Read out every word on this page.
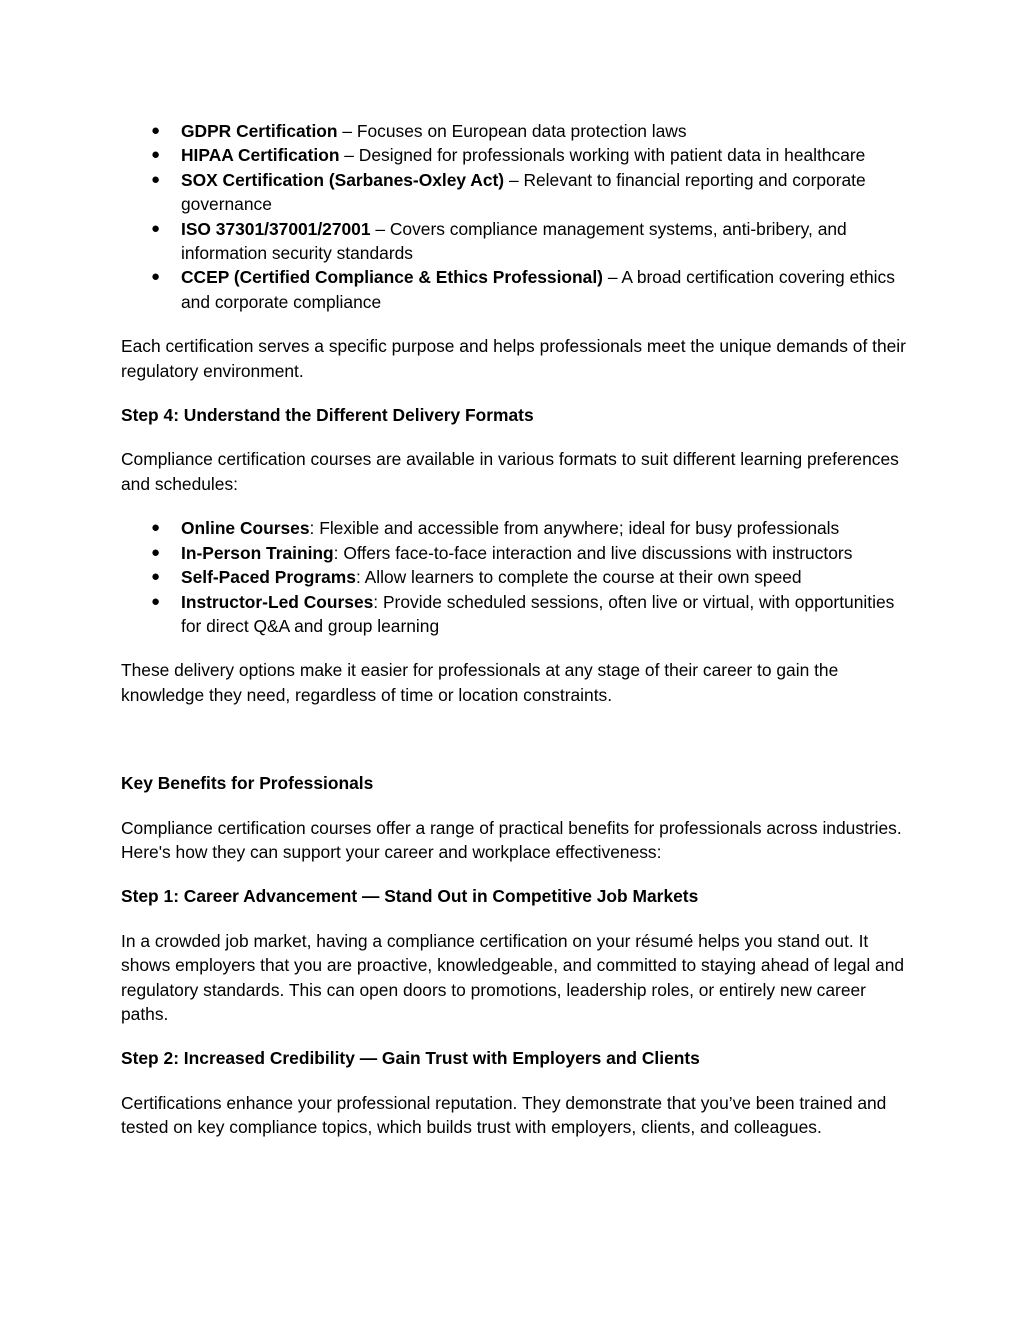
● GDPR Certification – Focuses on European data protection laws
● HIPAA Certification – Designed for professionals working with patient data in healthcare
● SOX Certification (Sarbanes-Oxley Act) – Relevant to financial reporting and corporate governance
● ISO 37301/37001/27001 – Covers compliance management systems, anti-bribery, and information security standards
● CCEP (Certified Compliance & Ethics Professional) – A broad certification covering ethics and corporate compliance

Each certification serves a specific purpose and helps professionals meet the unique demands of their regulatory environment.

Step 4: Understand the Different Delivery Formats

Compliance certification courses are available in various formats to suit different learning preferences and schedules:

● Online Courses: Flexible and accessible from anywhere; ideal for busy professionals
● In-Person Training: Offers face-to-face interaction and live discussions with instructors
● Self-Paced Programs: Allow learners to complete the course at their own speed
● Instructor-Led Courses: Provide scheduled sessions, often live or virtual, with opportunities for direct Q&A and group learning

These delivery options make it easier for professionals at any stage of their career to gain the knowledge they need, regardless of time or location constraints.

Key Benefits for Professionals

Compliance certification courses offer a range of practical benefits for professionals across industries. Here's how they can support your career and workplace effectiveness:

Step 1: Career Advancement — Stand Out in Competitive Job Markets

In a crowded job market, having a compliance certification on your résumé helps you stand out. It shows employers that you are proactive, knowledgeable, and committed to staying ahead of legal and regulatory standards. This can open doors to promotions, leadership roles, or entirely new career paths.

Step 2: Increased Credibility — Gain Trust with Employers and Clients

Certifications enhance your professional reputation. They demonstrate that you’ve been trained and tested on key compliance topics, which builds trust with employers, clients, and colleagues.
